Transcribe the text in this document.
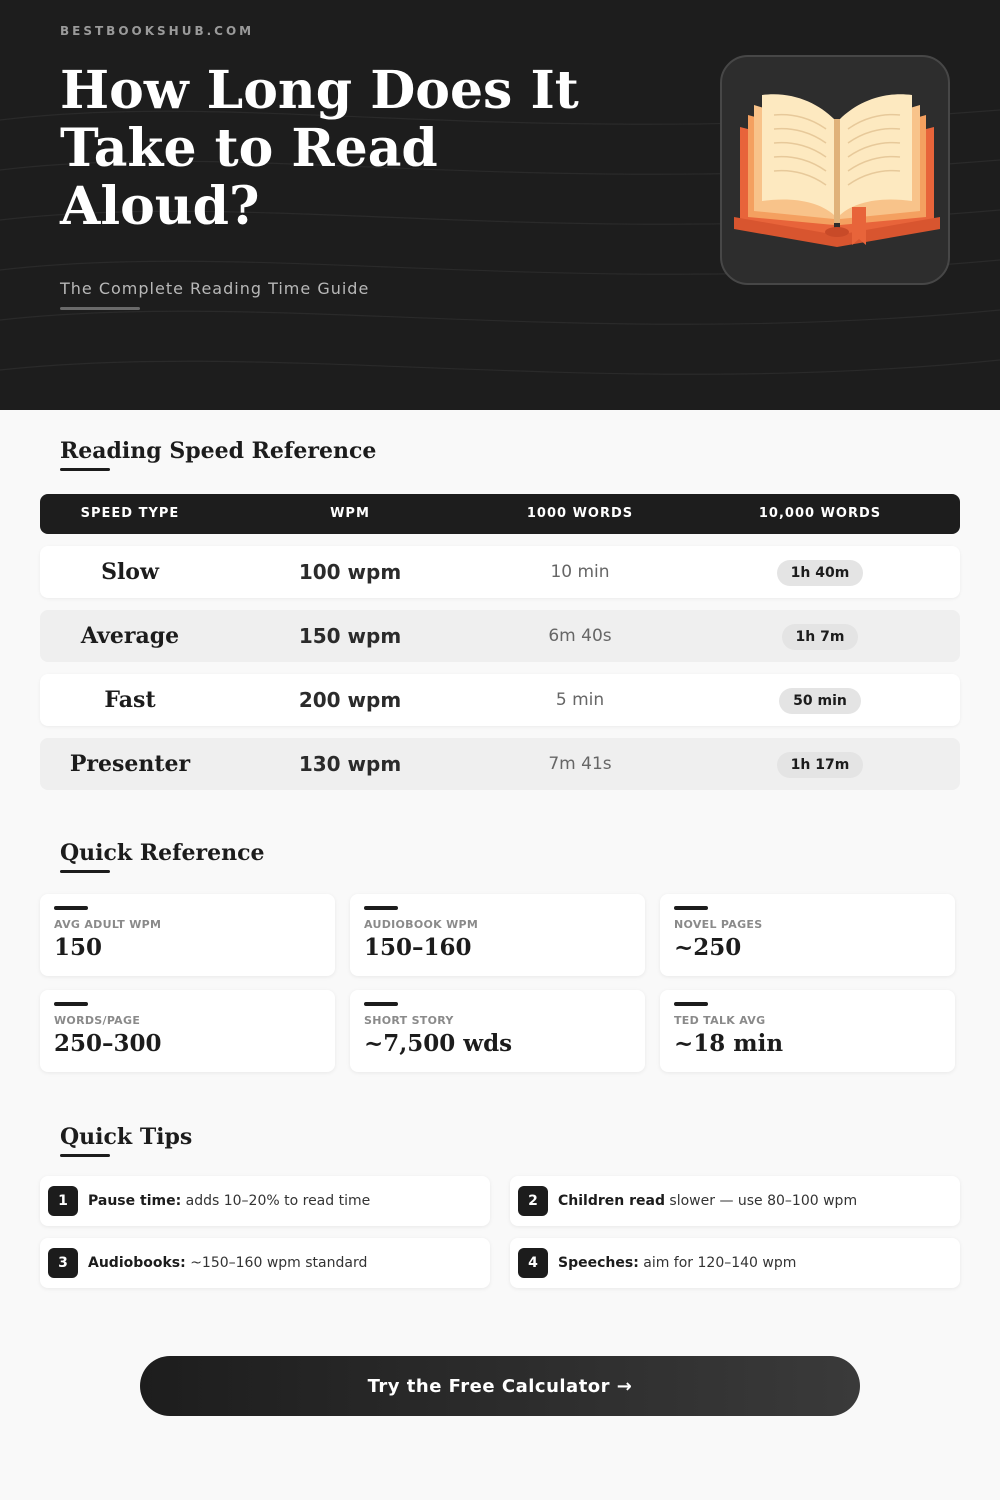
BESTBOOKSHUB.COM
How Long Does It Take to Read Aloud?
The Complete Reading Time Guide
Reading Speed Reference
SPEED TYPE	WPM	1000 WORDS	10,000 WORDS
Slow	100 wpm	10 min	1h 40m
Average	150 wpm	6m 40s	1h 7m
Fast	200 wpm	5 min	50 min
Presenter	130 wpm	7m 41s	1h 17m
Quick Reference
AVG ADULT WPM
150
AUDIOBOOK WPM
150–160
NOVEL PAGES
~250
WORDS/PAGE
250–300
SHORT STORY
~7,500 wds
TED TALK AVG
~18 min
Quick Tips
1	Pause time: adds 10–20% to read time	2	Children read slower — use 80–100 wpm
3	Audiobooks: ~150–160 wpm standard	4	Speeches: aim for 120–140 wpm
Try the Free Calculator →
